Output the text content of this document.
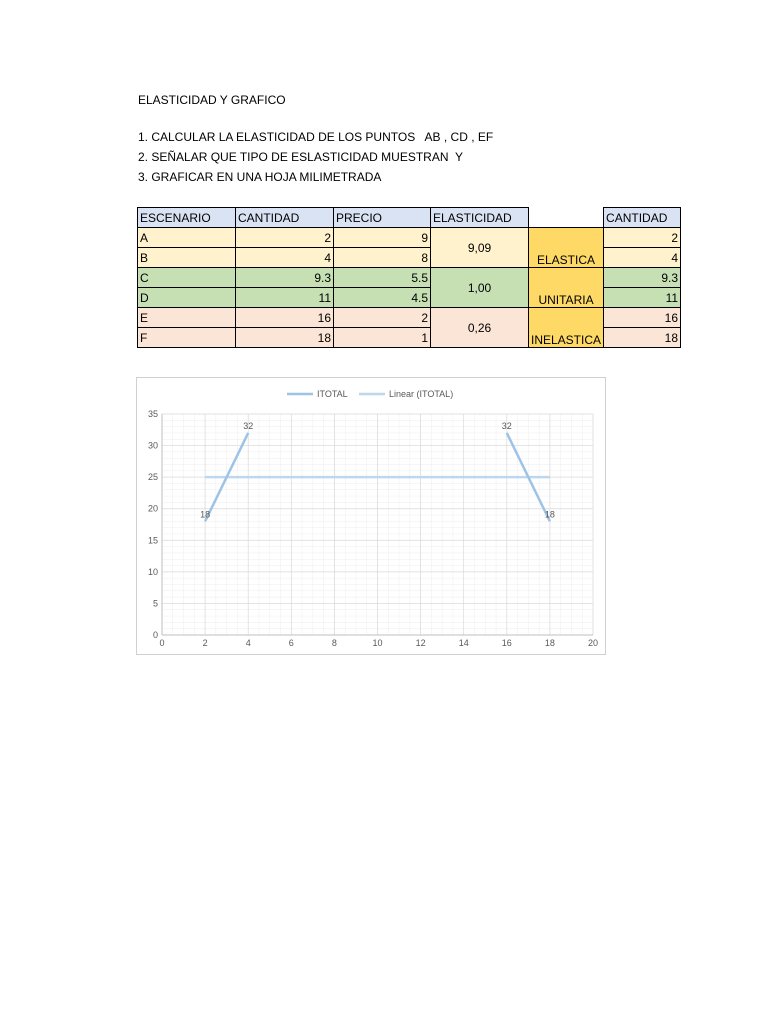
ELASTICIDAD Y GRAFICO
1. CALCULAR LA ELASTICIDAD DE LOS PUNTOS   AB , CD , EF
2. SEÑALAR QUE TIPO DE ESLASTICIDAD MUESTRAN  Y
3. GRAFICAR EN UNA HOJA MILIMETRADA
ESCENARIO	CANTIDAD	PRECIO	ELASTICIDAD		CANTIDAD
A	2	9	9,09	ELASTICA	2
B	4	8			4
C	9.3	5.5	1,00	UNITARIA	9.3
D	11	4.5			11
E	16	2	0,26	INELASTICA	16
F	18	1			18
0	2	4	6	8	10	12	14	16	18	20
0
5
10
15
20
25
30
35
18
32	32
18
ITOTAL	Linear (ITOTAL)
